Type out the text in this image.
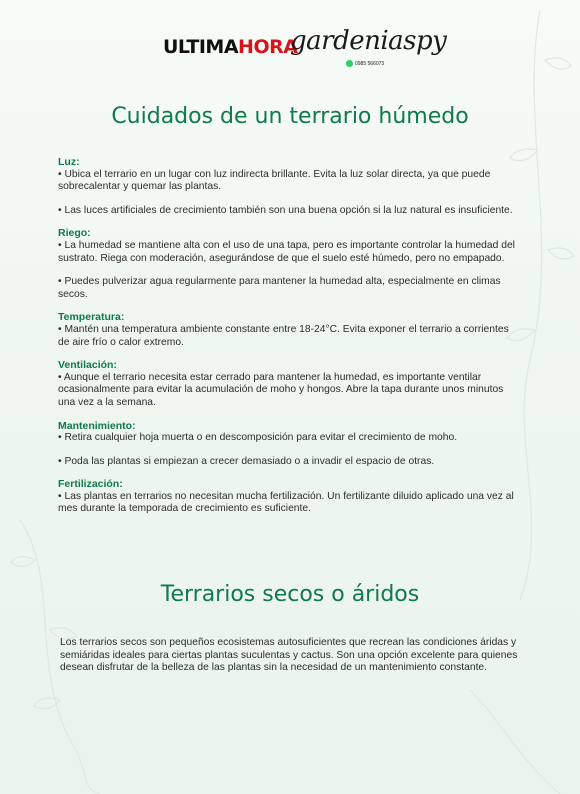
ULTIMAHORA
gardeniaspy
0985 566073
Cuidados de un terrario húmedo

Luz:

• Ubica el terrario en un lugar con luz indirecta brillante. Evita la luz solar directa, ya que puede sobrecalentar y quemar las plantas.

• Las luces artificiales de crecimiento también son una buena opción si la luz natural es insuficiente.

Riego:

• La humedad se mantiene alta con el uso de una tapa, pero es importante controlar la humedad del sustrato. Riega con moderación, asegurándose de que el suelo esté húmedo, pero no empapado.

• Puedes pulverizar agua regularmente para mantener la humedad alta, especialmente en climas secos.

Temperatura:

• Mantén una temperatura ambiente constante entre 18-24°C. Evita exponer el terrario a corrientes de aire frío o calor extremo.

Ventilación:

• Aunque el terrario necesita estar cerrado para mantener la humedad, es importante ventilar ocasionalmente para evitar la acumulación de moho y hongos. Abre la tapa durante unos minutos una vez a la semana.

Mantenimiento:

• Retira cualquier hoja muerta o en descomposición para evitar el crecimiento de moho.

• Poda las plantas si empiezan a crecer demasiado o a invadir el espacio de otras.

Fertilización:

• Las plantas en terrarios no necesitan mucha fertilización. Un fertilizante diluido aplicado una vez al mes durante la temporada de crecimiento es suficiente.

Terrarios secos o áridos

Los terrarios secos son pequeños ecosistemas autosuficientes que recrean las condiciones áridas y semiáridas ideales para ciertas plantas suculentas y cactus. Son una opción excelente para quienes desean disfrutar de la belleza de las plantas sin la necesidad de un mantenimiento constante.
